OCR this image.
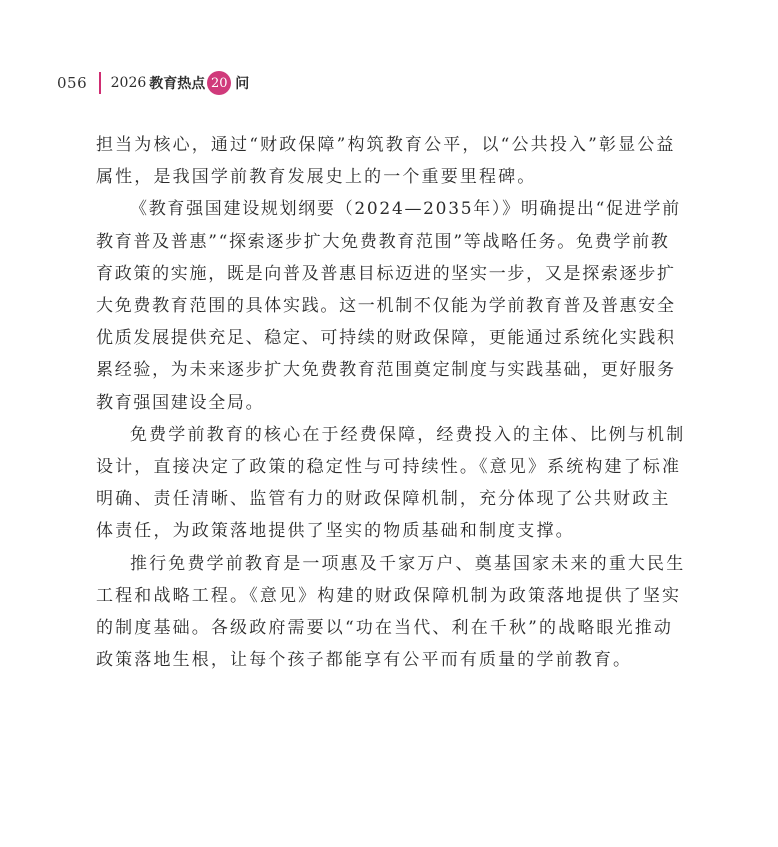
056 2026 教育热点 20 问

担当为核心，通过“财政保障”构筑教育公平，以“公共投入”彰显公益属性，是我国学前教育发展史上的一个重要里程碑。

《教育强国建设规划纲要（2024—2035年）》明确提出“促进学前教育普及普惠”“探索逐步扩大免费教育范围”等战略任务。免费学前教育政策的实施，既是向普及普惠目标迈进的坚实一步，又是探索逐步扩大免费教育范围的具体实践。这一机制不仅能为学前教育普及普惠安全优质发展提供充足、稳定、可持续的财政保障，更能通过系统化实践积累经验，为未来逐步扩大免费教育范围奠定制度与实践基础，更好服务教育强国建设全局。

免费学前教育的核心在于经费保障，经费投入的主体、比例与机制设计，直接决定了政策的稳定性与可持续性。《意见》系统构建了标准明确、责任清晰、监管有力的财政保障机制，充分体现了公共财政主体责任，为政策落地提供了坚实的物质基础和制度支撑。

推行免费学前教育是一项惠及千家万户、奠基国家未来的重大民生工程和战略工程。《意见》构建的财政保障机制为政策落地提供了坚实的制度基础。各级政府需要以“功在当代、利在千秋”的战略眼光推动政策落地生根，让每个孩子都能享有公平而有质量的学前教育。
